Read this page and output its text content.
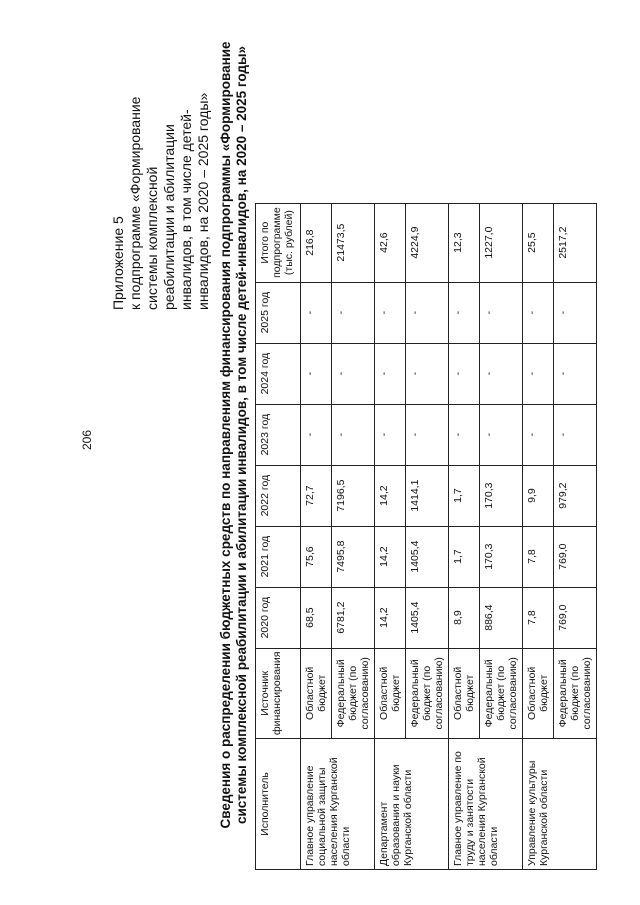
206
Приложение 5 к подпрограмме «Формирование системы комплексной реабилитации и абилитации инвалидов, в том числе детей- инвалидов, на 2020 – 2025 годы» Сведения о распределении бюджетных средств по направлениям финансирования подпрограммы «Формирование системы комплексной реабилитации и абилитации инвалидов, в том числе детей-инвалидов, на 2020 – 2025 годы» Исполнитель	Источник финансирования	2020 год	2021 год	2022 год	2023 год	2024 год	2025 год	Итого по подпрограмме (тыс. рублей)
Главное управление социальной защиты населения Курганской области	Областной бюджет	68,5	75,6	72,7	-	-	-	216,8
	Федеральный бюджет (по согласованию)	6781,2	7495,8	7196,5	-	-	-	21473,5
Департамент образования и науки Курганской области	Областной бюджет	14,2	14,2	14,2	-	-	-	42,6
	Федеральный бюджет (по согласованию)	1405,4	1405,4	1414,1	-	-	-	4224,9
Главное управление по труду и занятости населения Курганской области	Областной бюджет	8,9	1,7	1,7	-	-	-	12,3
	Федеральный бюджет (по согласованию)	886,4	170,3	170,3	-	-	-	1227,0
Управление культуры Курганской области	Областной бюджет	7,8	7,8	9,9	-	-	-	25,5
	Федеральный бюджет (по согласованию)	769,0	769,0	979,2	-	-	-	2517,2
